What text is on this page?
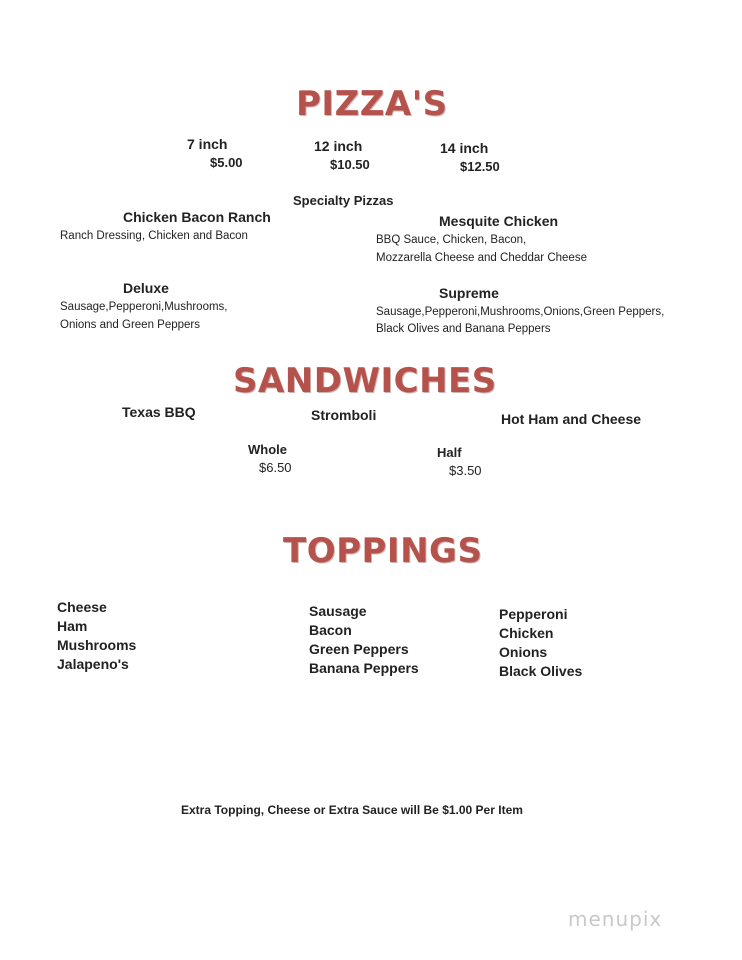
PIZZA'S
7 inch
$5.00
12 inch
$10.50
14 inch
$12.50
Specialty Pizzas
Chicken Bacon Ranch
Ranch Dressing, Chicken and Bacon
Mesquite Chicken
BBQ Sauce, Chicken, Bacon,
Mozzarella Cheese and Cheddar Cheese
Deluxe
Sausage,Pepperoni,Mushrooms,
Onions and Green Peppers
Supreme
Sausage,Pepperoni,Mushrooms,Onions,Green Peppers,
Black Olives and Banana Peppers
SANDWICHES
Texas BBQ	Stromboli	Hot Ham and Cheese
Whole
$6.50
Half
$3.50
TOPPINGS
Cheese
Ham
Mushrooms
Jalapeno's
Sausage
Bacon
Green Peppers
Banana Peppers
Pepperoni
Chicken
Onions
Black Olives
Extra Topping, Cheese or Extra Sauce will Be $1.00 Per Item
menupix
